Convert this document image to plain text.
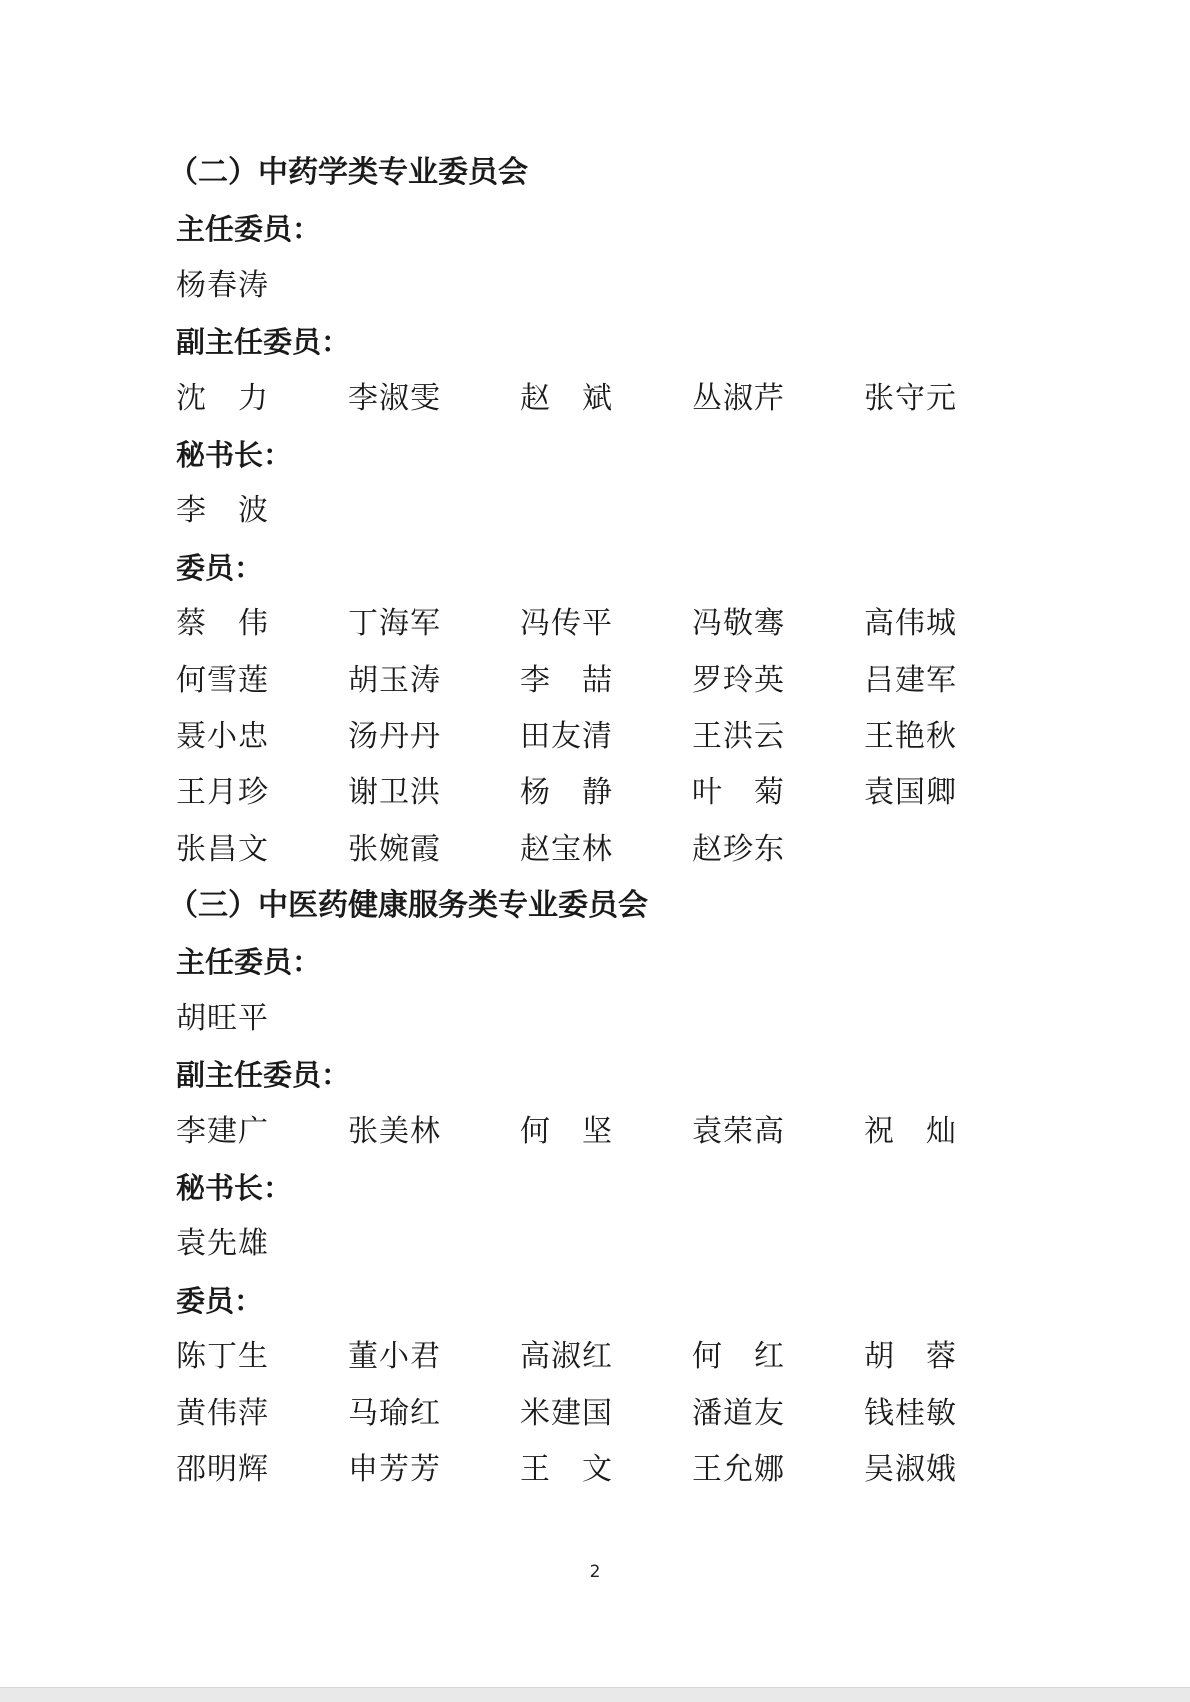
（二）中药学类专业委员会
主任委员：
杨春涛
副主任委员：
沈　力	李淑雯	赵　斌	丛淑芹	张守元
秘书长：
李　波
委员：
蔡　伟	丁海军	冯传平	冯敬骞	高伟城
何雪莲	胡玉涛	李　喆	罗玲英	吕建军
聂小忠	汤丹丹	田友清	王洪云	王艳秋
王月珍	谢卫洪	杨　静	叶　菊	袁国卿
张昌文	张婉霞	赵宝林	赵珍东
（三）中医药健康服务类专业委员会
主任委员：
胡旺平
副主任委员：
李建广	张美林	何　坚	袁荣高	祝　灿
秘书长：
袁先雄
委员：
陈丁生	董小君	高淑红	何　红	胡　蓉
黄伟萍	马瑜红	米建国	潘道友	钱桂敏
邵明辉	申芳芳	王　文	王允娜	吴淑娥
2
